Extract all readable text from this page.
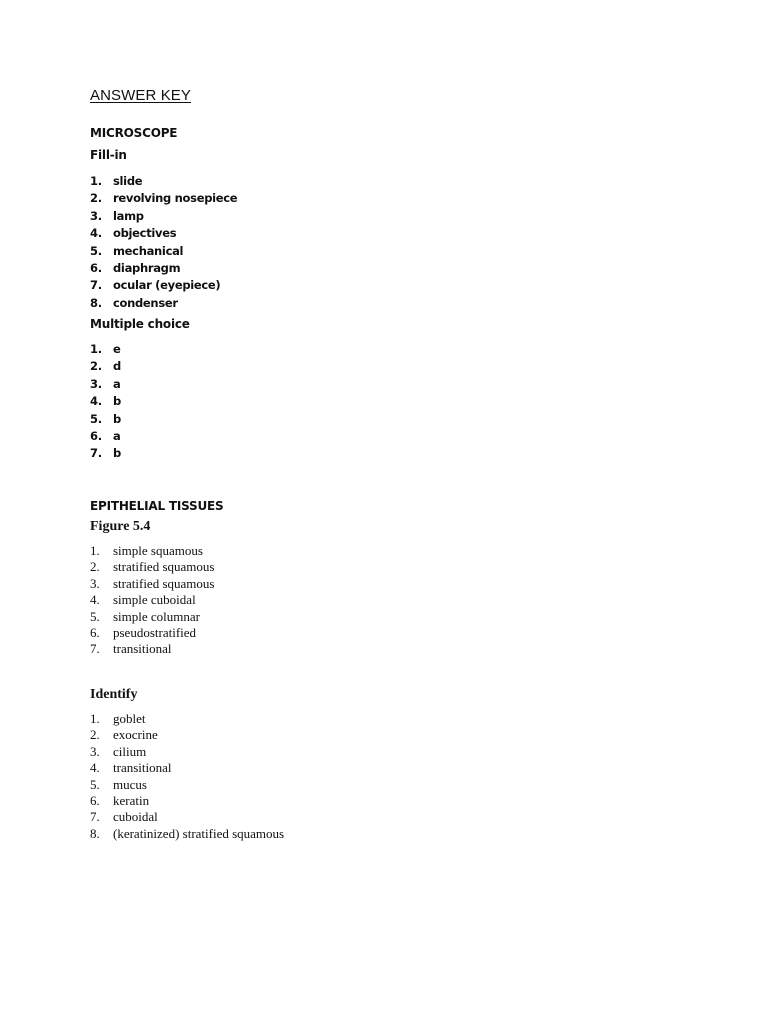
ANSWER KEY
MICROSCOPE
Fill-in
1. slide
2. revolving nosepiece
3. lamp
4. objectives
5. mechanical
6. diaphragm
7. ocular (eyepiece)
8. condenser
Multiple choice
1. e
2. d
3. a
4. b
5. b
6. a
7. b
EPITHELIAL TISSUES
Figure 5.4
1. simple squamous
2. stratified squamous
3. stratified squamous
4. simple cuboidal
5. simple columnar
6. pseudostratified
7. transitional
Identify
1. goblet
2. exocrine
3. cilium
4. transitional
5. mucus
6. keratin
7. cuboidal
8. (keratinized) stratified squamous
